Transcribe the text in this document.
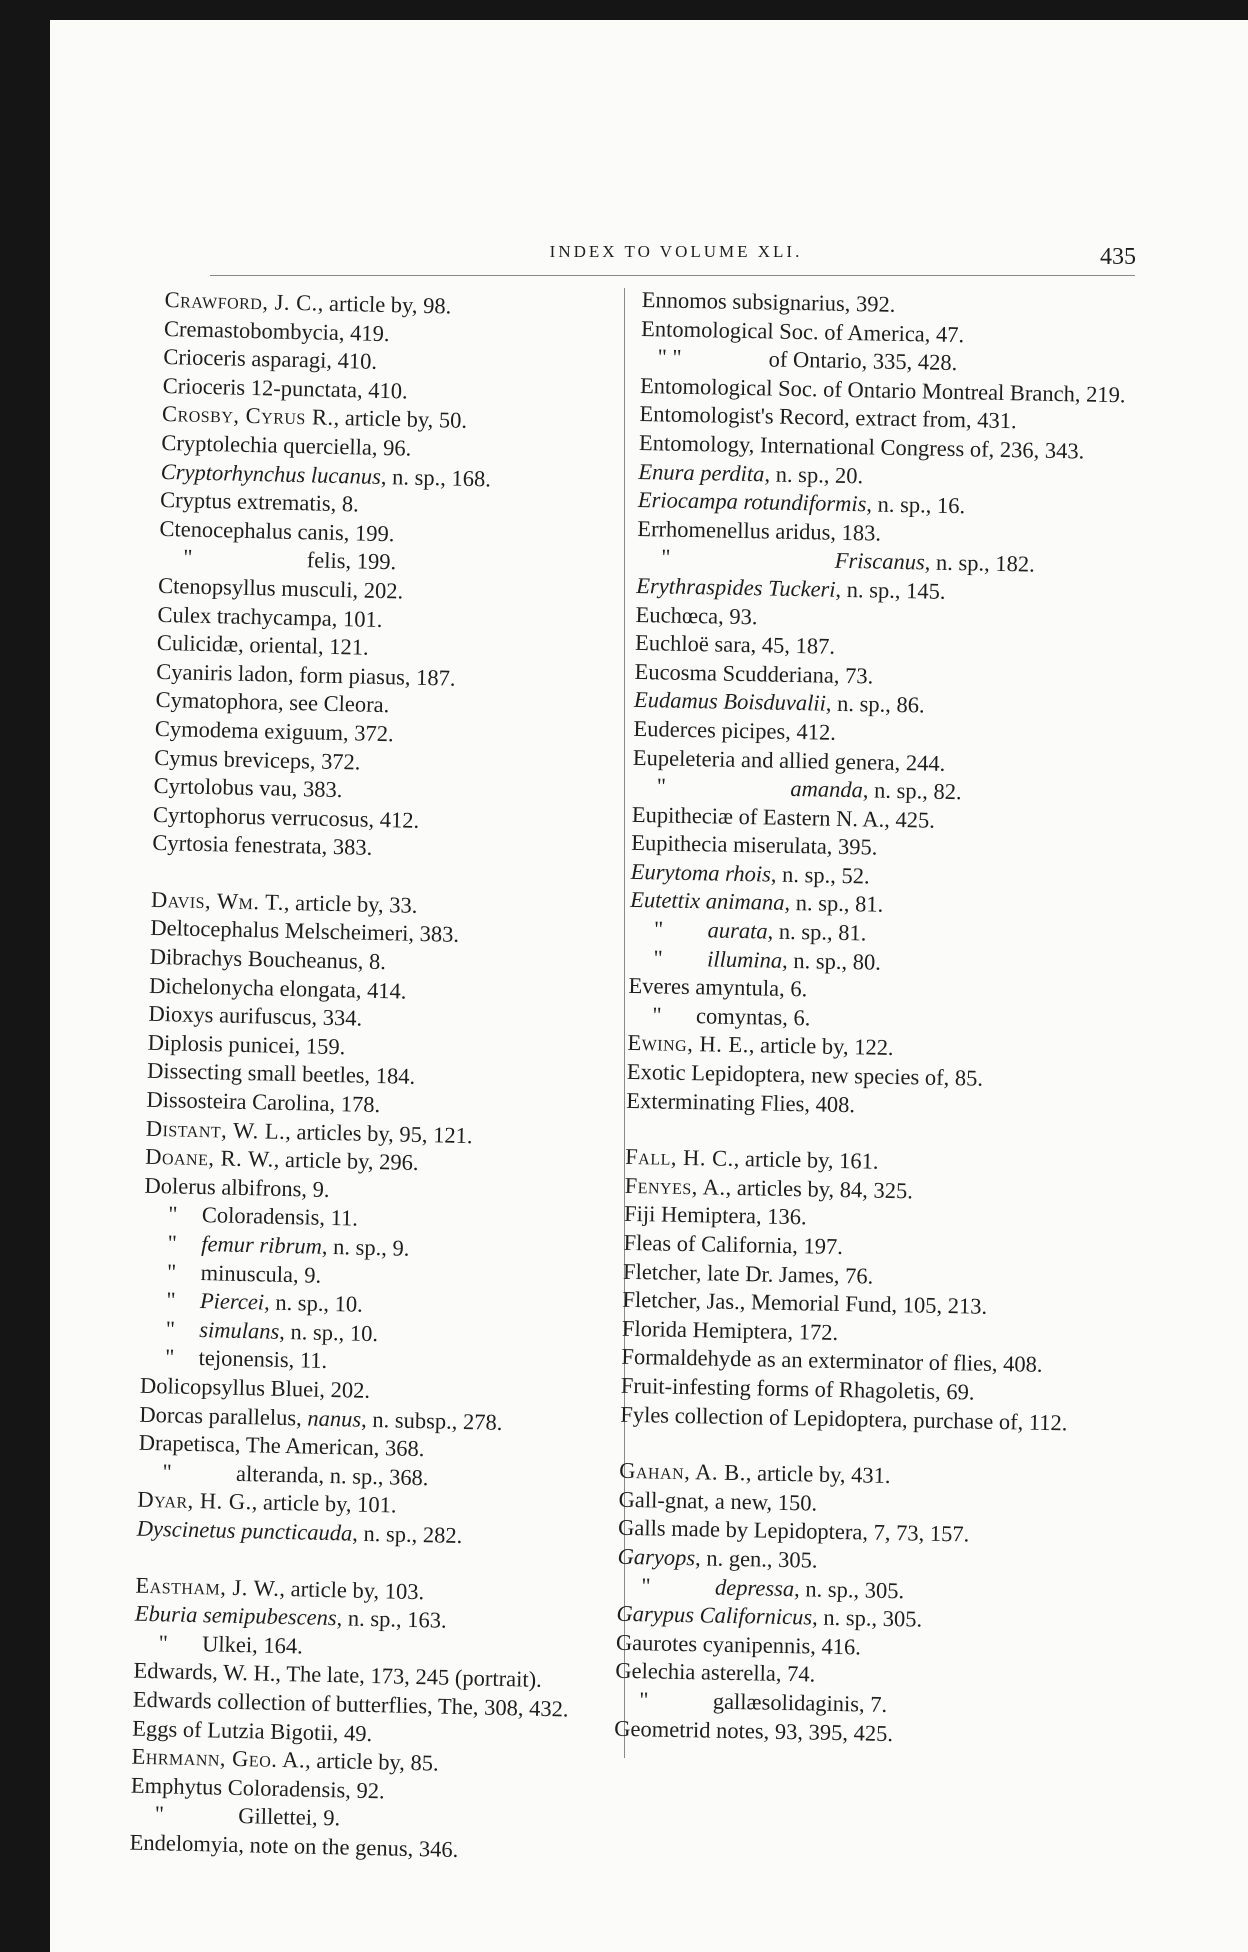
INDEX TO VOLUME XLI.	435
Crawford, J. C., article by, 98.
Cremastobombycia, 419.
Crioceris asparagi, 410.
Crioceris 12-punctata, 410.
Crosby, Cyrus R., article by, 50.
Cryptolechia querciella, 96.
Cryptorhynchus lucanus, n. sp., 168.
Cryptus extrematis, 8.
Ctenocephalus canis, 199.
"	felis, 199.
Ctenopsyllus musculi, 202.
Culex trachycampa, 101.
Culicidæ, oriental, 121.
Cyaniris ladon, form piasus, 187.
Cymatophora, see Cleora.
Cymodema exiguum, 372.
Cymus breviceps, 372.
Cyrtolobus vau, 383.
Cyrtophorus verrucosus, 412.
Cyrtosia fenestrata, 383.
Davis, Wm. T., article by, 33.
Deltocephalus Melscheimeri, 383.
Dibrachys Boucheanus, 8.
Dichelonycha elongata, 414.
Dioxys aurifuscus, 334.
Diplosis punicei, 159.
Dissecting small beetles, 184.
Dissosteira Carolina, 178.
Distant, W. L., articles by, 95, 121.
Doane, R. W., article by, 296.
Dolerus albifrons, 9.
" Coloradensis, 11.
" femur ribrum, n. sp., 9.
" minuscula, 9.
" Piercei, n. sp., 10.
" simulans, n. sp., 10.
" tejonensis, 11.
Dolicopsyllus Bluei, 202.
Dorcas parallelus, nanus, n. subsp., 278.
Drapetisca, The American, 368.
"	alteranda, n. sp., 368.
Dyar, H. G., article by, 101.
Dyscinetus puncticauda, n. sp., 282.
Eastham, J. W., article by, 103.
Eburia semipubescens, n. sp., 163.
" Ulkei, 164.
Edwards, W. H., The late, 173, 245 (portrait).
Edwards collection of butterflies, The, 308, 432.
Eggs of Lutzia Bigotii, 49.
Ehrmann, Geo. A., article by, 85.
Emphytus Coloradensis, 92.
"	Gillettei, 9.
Endelomyia, note on the genus, 346.
Ennomos subsignarius, 392.
Entomological Soc. of America, 47.
" "	of Ontario, 335, 428.
Entomological Soc. of Ontario Montreal Branch, 219.
Entomologist's Record, extract from, 431.
Entomology, International Congress of, 236, 343.
Enura perdita, n. sp., 20.
Eriocampa rotundiformis, n. sp., 16.
Errhomenellus aridus, 183.
"	Friscanus, n. sp., 182.
Erythraspides Tuckeri, n. sp., 145.
Euchœca, 93.
Euchloë sara, 45, 187.
Eucosma Scudderiana, 73.
Eudamus Boisduvalii, n. sp., 86.
Euderces picipes, 412.
Eupeleteria and allied genera, 244.
"	amanda, n. sp., 82.
Eupitheciæ of Eastern N. A., 425.
Eupithecia miserulata, 395.
Eurytoma rhois, n. sp., 52.
Eutettix animana, n. sp., 81.
" aurata, n. sp., 81.
" illumina, n. sp., 80.
Everes amyntula, 6.
" comyntas, 6.
Ewing, H. E., article by, 122.
Exotic Lepidoptera, new species of, 85.
Exterminating Flies, 408.
Fall, H. C., article by, 161.
Fenyes, A., articles by, 84, 325.
Fiji Hemiptera, 136.
Fleas of California, 197.
Fletcher, late Dr. James, 76.
Fletcher, Jas., Memorial Fund, 105, 213.
Florida Hemiptera, 172.
Formaldehyde as an exterminator of flies, 408.
Fruit-infesting forms of Rhagoletis, 69.
Fyles collection of Lepidoptera, purchase of, 112.
Gahan, A. B., article by, 431.
Gall-gnat, a new, 150.
Galls made by Lepidoptera, 7, 73, 157.
Garyops, n. gen., 305.
"	depressa, n. sp., 305.
Garypus Californicus, n. sp., 305.
Gaurotes cyanipennis, 416.
Gelechia asterella, 74.
"	gallæsolidaginis, 7.
Geometrid notes, 93, 395, 425.
